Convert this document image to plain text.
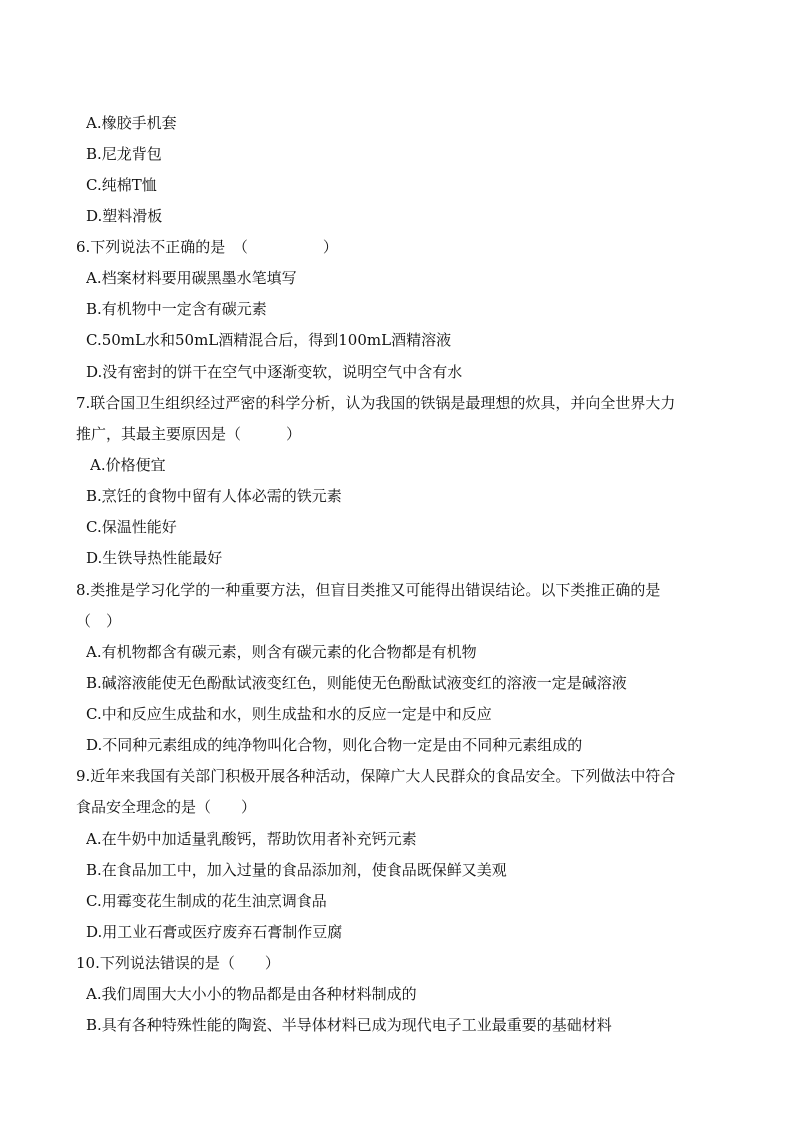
A.橡胶手机套
B.尼龙背包
C.纯棉T恤
D.塑料滑板
6.下列说法不正确的是　（　　　　　）
A.档案材料要用碳黑墨水笔填写
B.有机物中一定含有碳元素
C.50mL水和50mL酒精混合后，得到100mL酒精溶液
D.没有密封的饼干在空气中逐渐变软，说明空气中含有水
7.联合国卫生组织经过严密的科学分析，认为我国的铁锅是最理想的炊具，并向全世界大力
推广，其最主要原因是（　　　）
A.价格便宜
B.烹饪的食物中留有人体必需的铁元素
C.保温性能好
D.生铁导热性能最好
8.类推是学习化学的一种重要方法，但盲目类推又可能得出错误结论。以下类推正确的是
（　）
A.有机物都含有碳元素，则含有碳元素的化合物都是有机物
B.碱溶液能使无色酚酞试液变红色，则能使无色酚酞试液变红的溶液一定是碱溶液
C.中和反应生成盐和水，则生成盐和水的反应一定是中和反应
D.不同种元素组成的纯净物叫化合物，则化合物一定是由不同种元素组成的
9.近年来我国有关部门积极开展各种活动，保障广大人民群众的食品安全。下列做法中符合
食品安全理念的是（　　）
A.在牛奶中加适量乳酸钙，帮助饮用者补充钙元素
B.在食品加工中，加入过量的食品添加剂，使食品既保鲜又美观
C.用霉变花生制成的花生油烹调食品
D.用工业石膏或医疗废弃石膏制作豆腐
10.下列说法错误的是（　　）
A.我们周围大大小小的物品都是由各种材料制成的
B.具有各种特殊性能的陶瓷、半导体材料已成为现代电子工业最重要的基础材料
